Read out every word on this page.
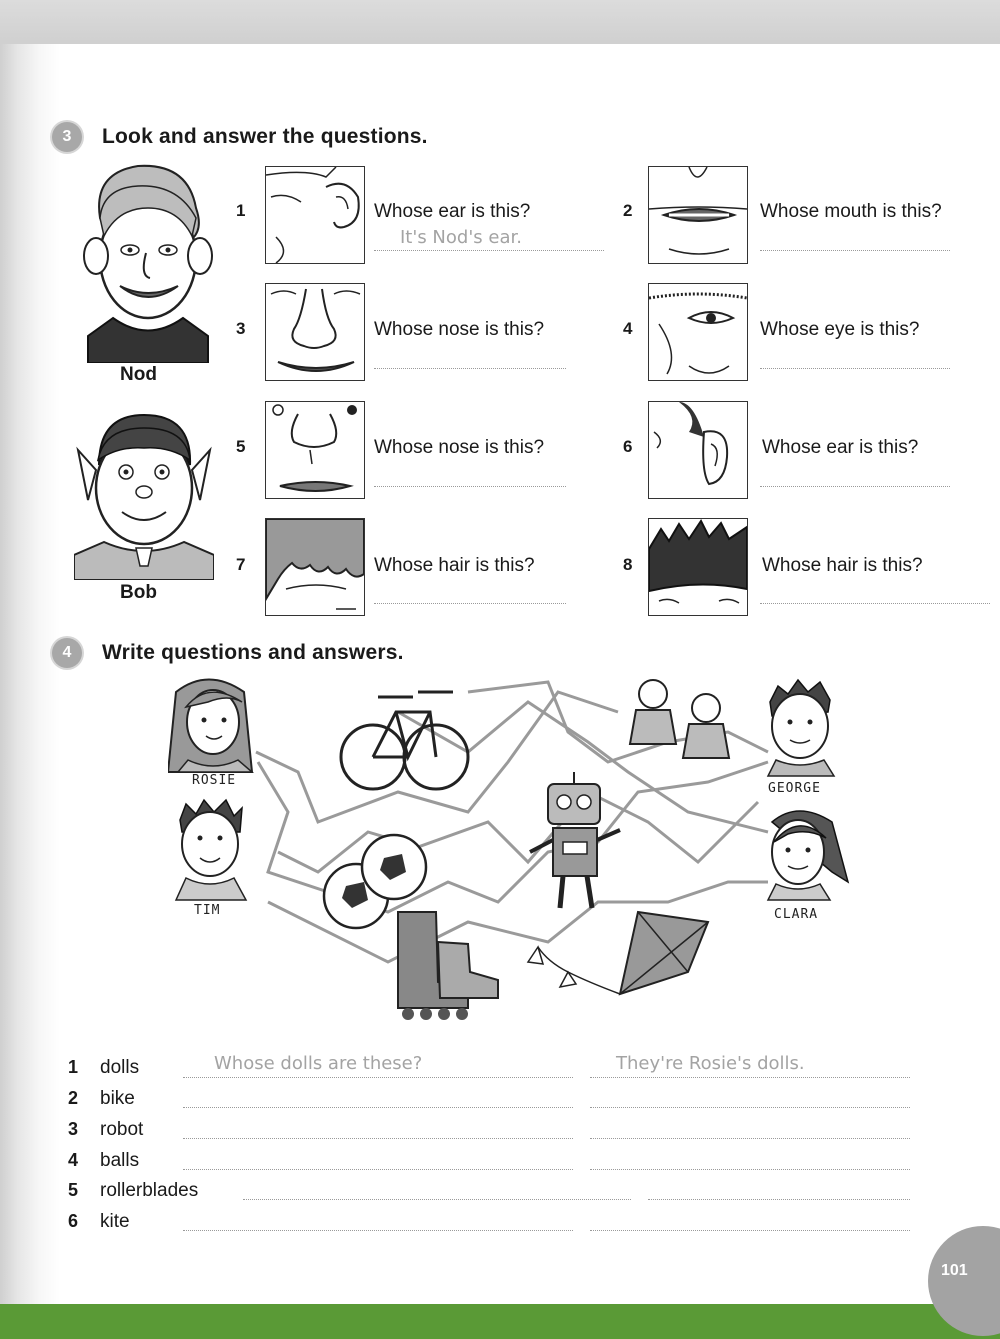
3	Look and answer the questions.
Nod
Bob
1	Whose ear is this?
It's Nod's ear.
2	Whose mouth is this?
3	Whose nose is this?	4	Whose eye is this?
5	Whose nose is this?	6	Whose ear is this?
7	Whose hair is this?	8	Whose hair is this?
4	Write questions and answers.
ROSIE
TIM
GEORGE
CLARA
1 dolls	Whose dolls are these?	They're Rosie's dolls.
2 bike
3 robot
4 balls
5 rollerblades
6 kite
101
